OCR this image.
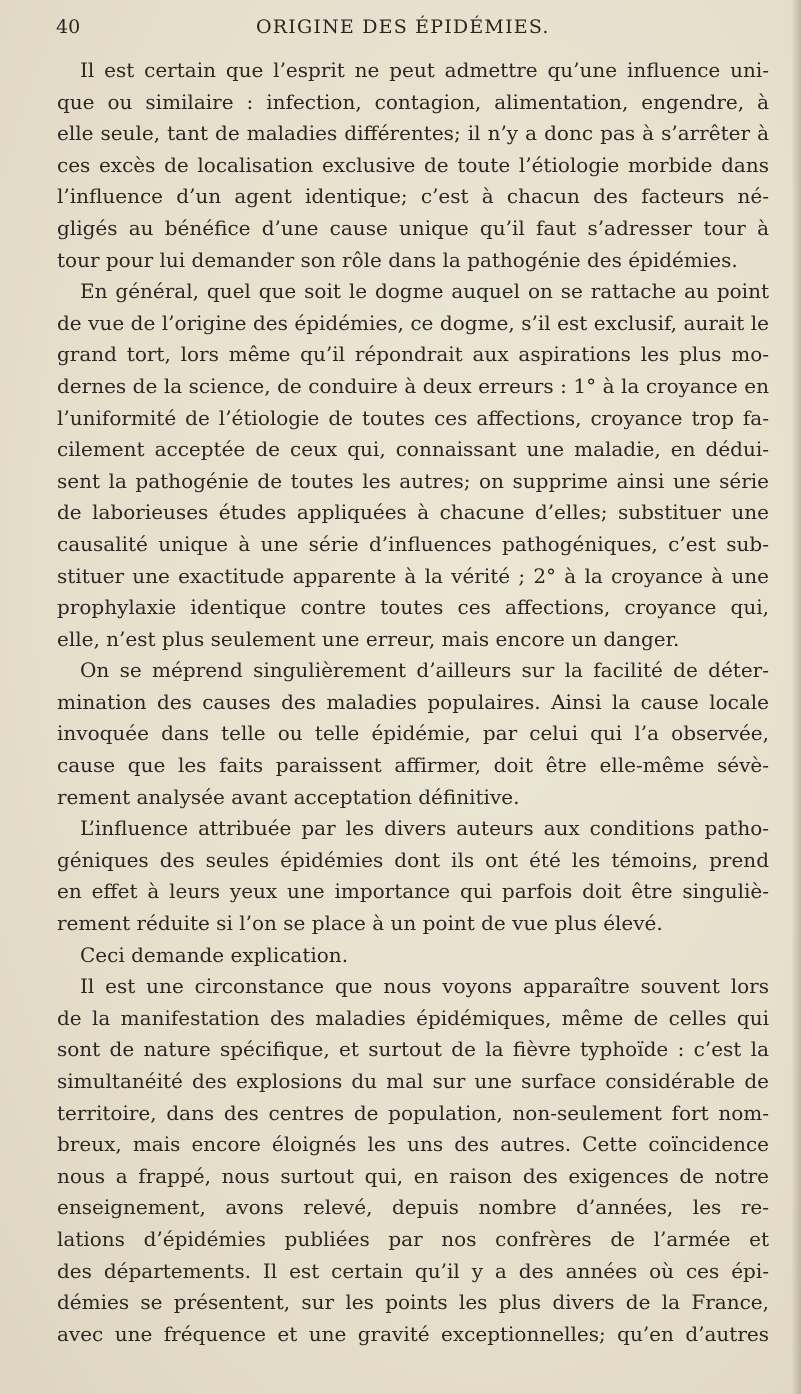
40	ORIGINE DES ÉPIDÉMIES.
Il est certain que l’esprit ne peut admettre qu’une influence uni-
que ou similaire : infection, contagion, alimentation, engendre, à
elle seule, tant de maladies différentes; il n’y a donc pas à s’arrêter à
ces excès de localisation exclusive de toute l’étiologie morbide dans
l’influence d’un agent identique; c’est à chacun des facteurs né-
gligés au bénéfice d’une cause unique qu’il faut s’adresser tour à
tour pour lui demander son rôle dans la pathogénie des épidémies.
En général, quel que soit le dogme auquel on se rattache au point
de vue de l’origine des épidémies, ce dogme, s’il est exclusif, aurait le
grand tort, lors même qu’il répondrait aux aspirations les plus mo-
dernes de la science, de conduire à deux erreurs : 1° à la croyance en
l’uniformité de l’étiologie de toutes ces affections, croyance trop fa-
cilement acceptée de ceux qui, connaissant une maladie, en dédui-
sent la pathogénie de toutes les autres; on supprime ainsi une série
de laborieuses études appliquées à chacune d’elles; substituer une
causalité unique à une série d’influences pathogéniques, c’est sub-
stituer une exactitude apparente à la vérité ; 2° à la croyance à une
prophylaxie identique contre toutes ces affections, croyance qui,
elle, n’est plus seulement une erreur, mais encore un danger.
On se méprend singulièrement d’ailleurs sur la facilité de déter-
mination des causes des maladies populaires. Ainsi la cause locale
invoquée dans telle ou telle épidémie, par celui qui l’a observée,
cause que les faits paraissent affirmer, doit être elle-même sévè-
rement analysée avant acceptation définitive.
L’influence attribuée par les divers auteurs aux conditions patho-
géniques des seules épidémies dont ils ont été les témoins, prend
en effet à leurs yeux une importance qui parfois doit être singuliè-
rement réduite si l’on se place à un point de vue plus élevé.
Ceci demande explication.
Il est une circonstance que nous voyons apparaître souvent lors
de la manifestation des maladies épidémiques, même de celles qui
sont de nature spécifique, et surtout de la fièvre typhoïde : c’est la
simultanéité des explosions du mal sur une surface considérable de
territoire, dans des centres de population, non-seulement fort nom-
breux, mais encore éloignés les uns des autres. Cette coïncidence
nous a frappé, nous surtout qui, en raison des exigences de notre
enseignement, avons relevé, depuis nombre d’années, les re-
lations d’épidémies publiées par nos confrères de l’armée et
des départements. Il est certain qu’il y a des années où ces épi-
démies se présentent, sur les points les plus divers de la France,
avec une fréquence et une gravité exceptionnelles; qu’en d’autres
